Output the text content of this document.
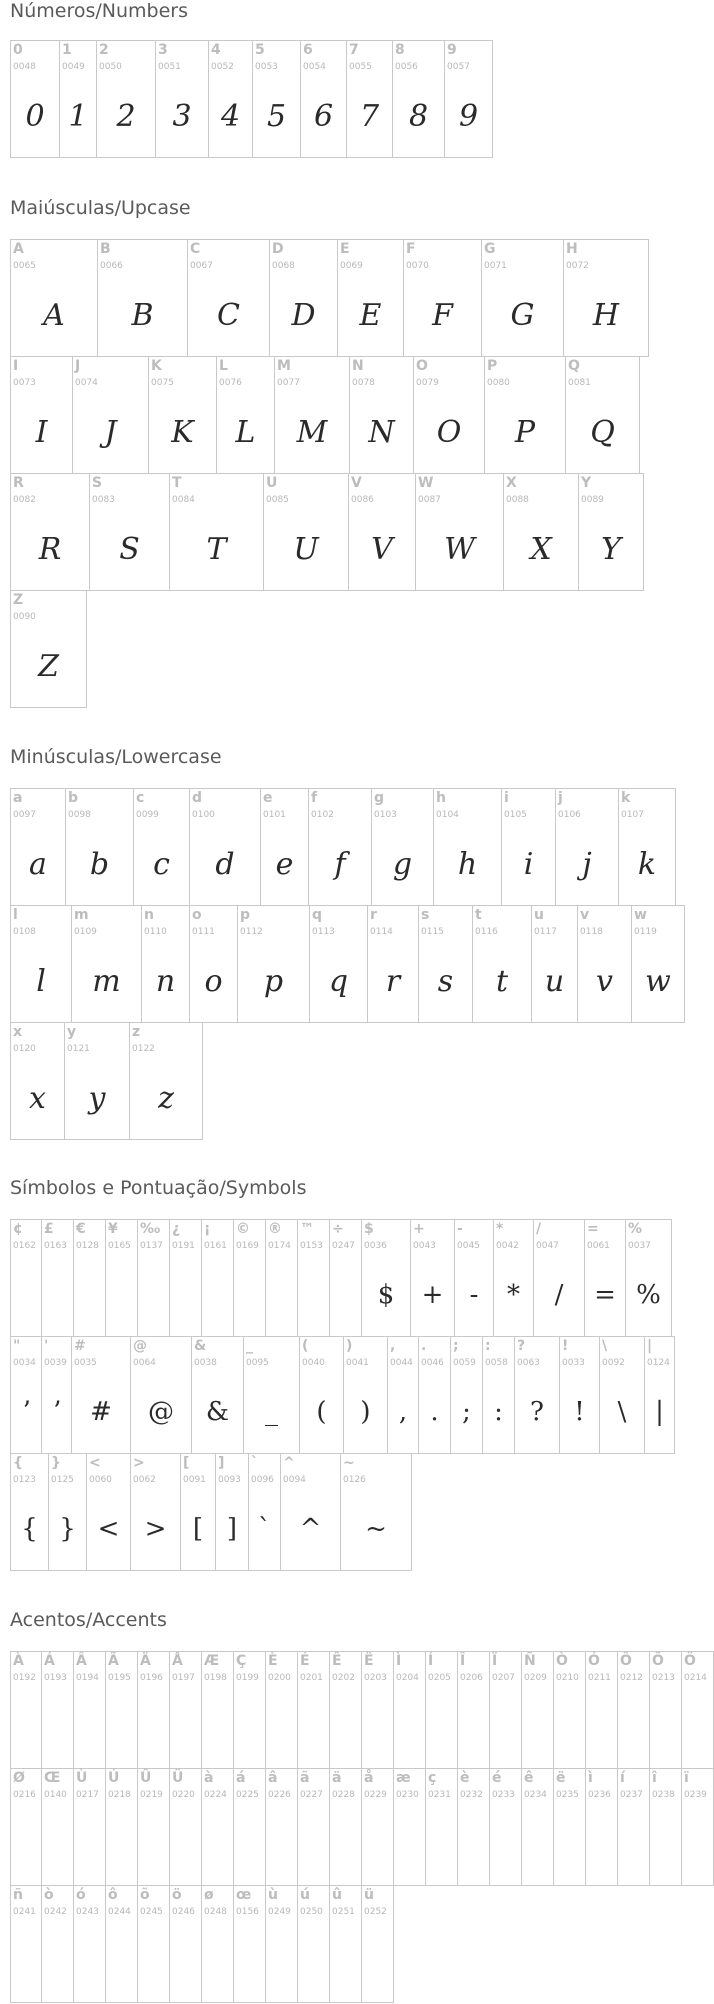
Números/Numbers
Maiúsculas/Upcase
Minúsculas/Lowercase
Símbolos e Pontuação/Symbols
Acentos/Accents
0
0048
0
1
0049
1
2
0050
2
3
0051
3
4
0052
4
5
0053
5
6
0054
6
7
0055
7
8
0056
8
9
0057
9
A
0065
A
B
0066
B
C
0067
C
D
0068
D
E
0069
E
F
0070
F
G
0071
G
H
0072
H
I
0073
I
J
0074
J
K
0075
K
L
0076
L
M
0077
M
N
0078
N
O
0079
O
P
0080
P
Q
0081
Q
R
0082
R
S
0083
S
T
0084
T
U
0085
U
V
0086
V
W
0087
W
X
0088
X
Y
0089
Y
Z
0090
Z
a
0097
a
b
0098
b
c
0099
c
d
0100
d
e
0101
e
f
0102
f
g
0103
g
h
0104
h
i
0105
i
j
0106
j
k
0107
k
l
0108
l
m
0109
m
n
0110
n
o
0111
o
p
0112
p
q
0113
q
r
0114
r
s
0115
s
t
0116
t
u
0117
u
v
0118
v
w
0119
w
x
0120
x
y
0121
y
z
0122
z
¢
0162
£
0163
€
0128
¥
0165
‰
0137
¿
0191
¡
0161
©
0169
®
0174
™
0153
÷
0247
$
0036
$
+
0043
+
-
0045
-
*
0042
*
/
0047
/
=
0061
=
%
0037
%
"
0034
ʼ
'
0039
ʼ
#
0035
#
@
0064
@
&
0038
&
_
0095
_
(
0040
(
)
0041
)
,
0044
,
.
0046
.
;
0059
;
:
0058
:
?
0063
?
!
0033
!
\
0092
\
|
0124
|
{
0123
{
}
0125
}
<
0060
<
>
0062
>
[
0091
[
]
0093
]
`
0096
`
^
0094
^
~
0126
~
À
0192
Á
0193
Â
0194
Ã
0195
Ä
0196
Å
0197
Æ
0198
Ç
0199
È
0200
É
0201
Ê
0202
Ë
0203
Ì
0204
Í
0205
Î
0206
Ï
0207
Ñ
0209
Ò
0210
Ó
0211
Ô
0212
Õ
0213
Ö
0214
Ø
0216
Œ
0140
Ù
0217
Ú
0218
Û
0219
Ü
0220
à
0224
á
0225
â
0226
ã
0227
ä
0228
å
0229
æ
0230
ç
0231
è
0232
é
0233
ê
0234
ë
0235
ì
0236
í
0237
î
0238
ï
0239
ñ
0241
ò
0242
ó
0243
ô
0244
õ
0245
ö
0246
ø
0248
œ
0156
ù
0249
ú
0250
û
0251
ü
0252
